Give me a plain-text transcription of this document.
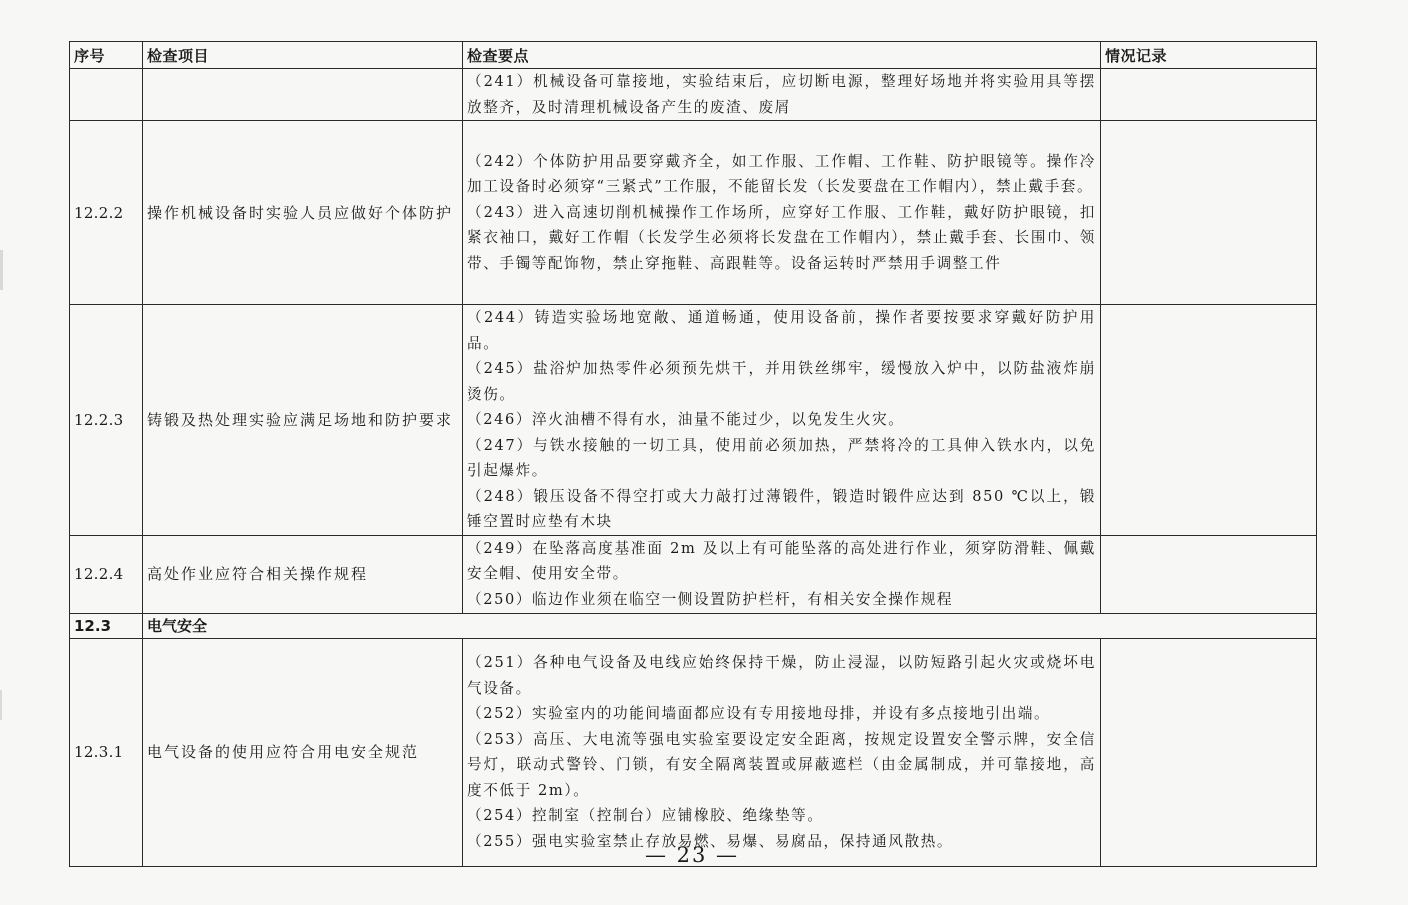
序号	检查项目	检查要点	情况记录

		（241）机械设备可靠接地，实验结束后，应切断电源，整理好场地并将实验用具等摆放整齐，及时清理机械设备产生的废渣、废屑	

12.2.2	操作机械设备时实验人员应做好个体防护	（242）个体防护用品要穿戴齐全，如工作服、工作帽、工作鞋、防护眼镜等。操作冷加工设备时必须穿“三紧式”工作服，不能留长发（长发要盘在工作帽内），禁止戴手套。

（243）进入高速切削机械操作工作场所，应穿好工作服、工作鞋，戴好防护眼镜，扣紧衣袖口，戴好工作帽（长发学生必须将长发盘在工作帽内），禁止戴手套、长围巾、领带、手镯等配饰物，禁止穿拖鞋、高跟鞋等。设备运转时严禁用手调整工件	

12.2.3	铸锻及热处理实验应满足场地和防护要求	（244）铸造实验场地宽敞、通道畅通，使用设备前，操作者要按要求穿戴好防护用品。

（245）盐浴炉加热零件必须预先烘干，并用铁丝绑牢，缓慢放入炉中，以防盐液炸崩烫伤。

（246）淬火油槽不得有水，油量不能过少，以免发生火灾。

（247）与铁水接触的一切工具，使用前必须加热，严禁将冷的工具伸入铁水内，以免引起爆炸。

（248）锻压设备不得空打或大力敲打过薄锻件，锻造时锻件应达到 850 ℃以上，锻锤空置时应垫有木块	

12.2.4	高处作业应符合相关操作规程	（249）在坠落高度基准面 2m 及以上有可能坠落的高处进行作业，须穿防滑鞋、佩戴安全帽、使用安全带。

（250）临边作业须在临空一侧设置防护栏杆，有相关安全操作规程	

12.3	电气安全		
12.3.1	电气设备的使用应符合用电安全规范	（251）各种电气设备及电线应始终保持干燥，防止浸湿，以防短路引起火灾或烧坏电气设备。

（252）实验室内的功能间墙面都应设有专用接地母排，并设有多点接地引出端。

（253）高压、大电流等强电实验室要设定安全距离，按规定设置安全警示牌，安全信号灯，联动式警铃、门锁，有安全隔离装置或屏蔽遮栏（由金属制成，并可靠接地，高度不低于 2m）。

（254）控制室（控制台）应铺橡胶、绝缘垫等。

（255）强电实验室禁止存放易燃、易爆、易腐品，保持通风散热。	

— 23 —
